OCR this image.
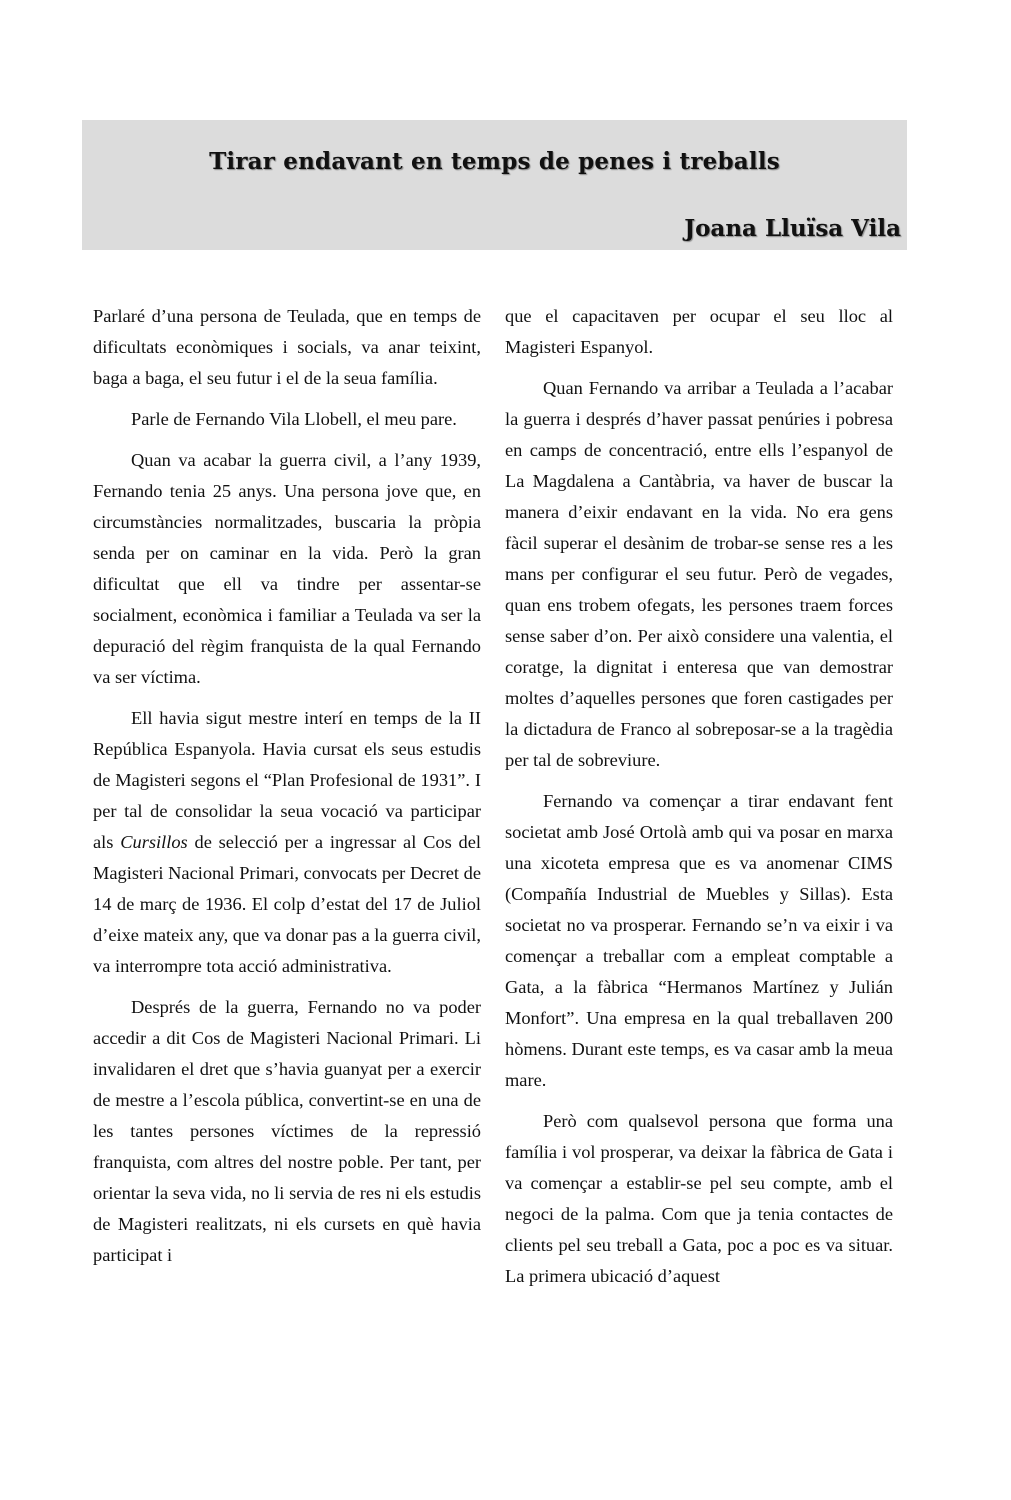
Tirar endavant en temps de penes i treballs
Joana Lluïsa Vila

Parlaré d’una persona de Teulada, que en temps de dificultats econòmiques i socials, va anar teixint, baga a baga, el seu futur i el de la seua família.

Parle de Fernando Vila Llobell, el meu pare.

Quan va acabar la guerra civil, a l’any 1939, Fernando tenia 25 anys. Una persona jove que, en circumstàncies normalitzades, buscaria la pròpia senda per on caminar en la vida. Però la gran dificultat que ell va tindre per assentar-se socialment, econòmica i familiar a Teulada va ser la depuració del règim franquista de la qual Fernando va ser víctima.

Ell havia sigut mestre interí en temps de la II República Espanyola. Havia cursat els seus estudis de Magisteri segons el “Plan Profesional de 1931”. I per tal de consolidar la seua vocació va participar als Cursillos de selecció per a ingressar al Cos del Magisteri Nacional Primari, convocats per Decret de 14 de març de 1936. El colp d’estat del 17 de Juliol d’eixe mateix any, que va donar pas a la guerra civil, va interrompre tota acció administrativa.

Després de la guerra, Fernando no va poder accedir a dit Cos de Magisteri Nacional Primari. Li invalidaren el dret que s’havia guanyat per a exercir de mestre a l’escola pública, convertint-se en una de les tantes persones víctimes de la repressió franquista, com altres del nostre poble. Per tant, per orientar la seva vida, no li servia de res ni els estudis de Magisteri realitzats, ni els cursets en què havia participat i

que el capacitaven per ocupar el seu lloc al Magisteri Espanyol.

Quan Fernando va arribar a Teulada a l’acabar la guerra i després d’haver passat penúries i pobresa en camps de concentració, entre ells l’espanyol de La Magdalena a Cantàbria, va haver de buscar la manera d’eixir endavant en la vida. No era gens fàcil superar el desànim de trobar-se sense res a les mans per configurar el seu futur. Però de vegades, quan ens trobem ofegats, les persones traem forces sense saber d’on. Per això considere una valentia, el coratge, la dignitat i enteresa que van demostrar moltes d’aquelles persones que foren castigades per la dictadura de Franco al sobreposar-se a la tragèdia per tal de sobreviure.

Fernando va començar a tirar endavant fent societat amb José Ortolà amb qui va posar en marxa una xicoteta empresa que es va anomenar CIMS (Compañía Industrial de Muebles y Sillas). Esta societat no va prosperar. Fernando se’n va eixir i va començar a treballar com a empleat comptable a Gata, a la fàbrica “Hermanos Martínez y Julián Monfort”. Una empresa en la qual treballaven 200 hòmens. Durant este temps, es va casar amb la meua mare.

Però com qualsevol persona que forma una família i vol prosperar, va deixar la fàbrica de Gata i va començar a establir-se pel seu compte, amb el negoci de la palma. Com que ja tenia contactes de clients pel seu treball a Gata, poc a poc es va situar. La primera ubicació d’aquest
